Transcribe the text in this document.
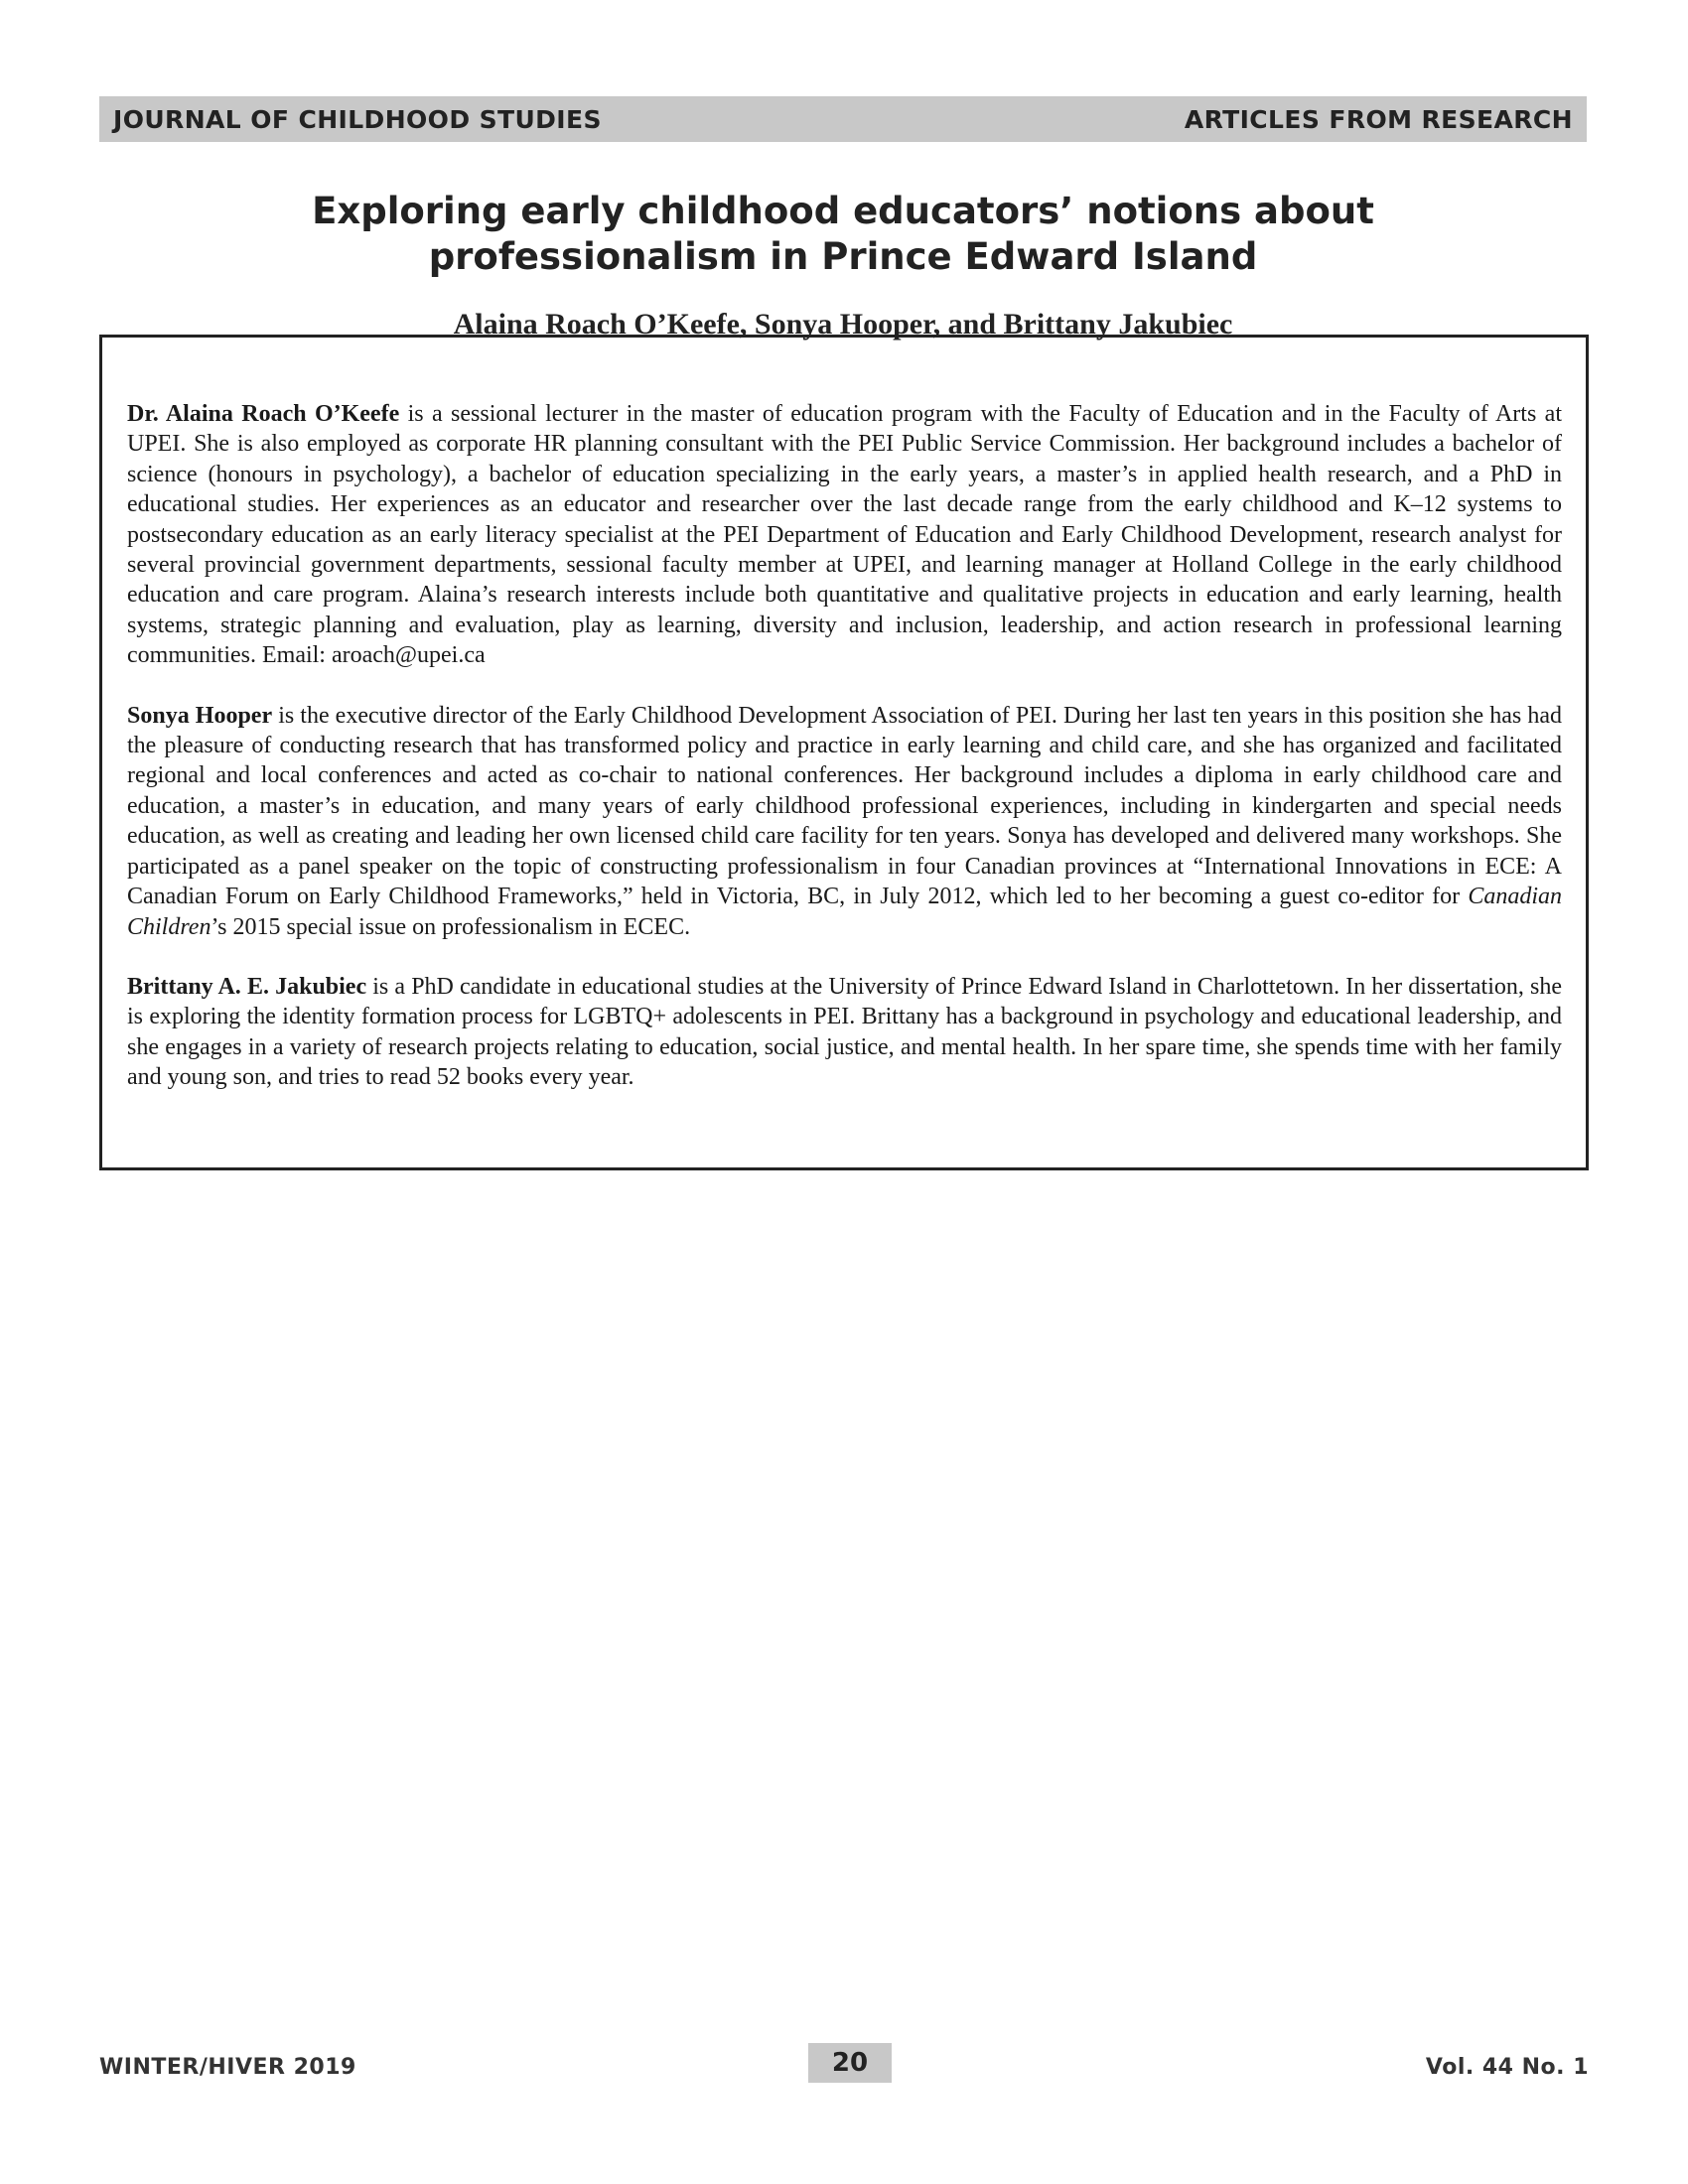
JOURNAL OF CHILDHOOD STUDIES	ARTICLES FROM RESEARCH
Exploring early childhood educators’ notions about
professionalism in Prince Edward Island
Alaina Roach O’Keefe, Sonya Hooper, and Brittany Jakubiec

Dr. Alaina Roach O’Keefe is a sessional lecturer in the master of education program with the Faculty of Education and in the Faculty of Arts at UPEI. She is also employed as corporate HR planning consultant with the PEI Public Service Commission. Her background includes a bachelor of science (honours in psychology), a bachelor of education specializing in the early years, a master’s in applied health research, and a PhD in educational studies. Her experiences as an educator and researcher over the last decade range from the early childhood and K–12 systems to postsecondary education as an early literacy specialist at the PEI Department of Education and Early Childhood Development, research analyst for several provincial government departments, sessional faculty member at UPEI, and learning manager at Holland College in the early childhood education and care program. Alaina’s research interests include both quantitative and qualitative projects in education and early learning, health systems, strategic planning and evaluation, play as learning, diversity and inclusion, leadership, and action research in professional learning communities. Email: aroach@upei.ca

Sonya Hooper is the executive director of the Early Childhood Development Association of PEI. During her last ten years in this position she has had the pleasure of conducting research that has transformed policy and practice in early learning and child care, and she has organized and facilitated regional and local conferences and acted as co-chair to national conferences. Her background includes a diploma in early childhood care and education, a master’s in education, and many years of early childhood professional experiences, including in kindergarten and special needs education, as well as creating and leading her own licensed child care facility for ten years. Sonya has developed and delivered many workshops. She participated as a panel speaker on the topic of constructing professionalism in four Canadian provinces at “International Innovations in ECE: A Canadian Forum on Early Childhood Frameworks,” held in Victoria, BC, in July 2012, which led to her becoming a guest co-editor for Canadian Children’s 2015 special issue on professionalism in ECEC.

Brittany A. E. Jakubiec is a PhD candidate in educational studies at the University of Prince Edward Island in Charlottetown. In her dissertation, she is exploring the identity formation process for LGBTQ+ adolescents in PEI. Brittany has a background in psychology and educational leadership, and she engages in a variety of research projects relating to education, social justice, and mental health. In her spare time, she spends time with her family and young son, and tries to read 52 books every year.

WINTER/HIVER 2019	20	Vol. 44 No. 1
